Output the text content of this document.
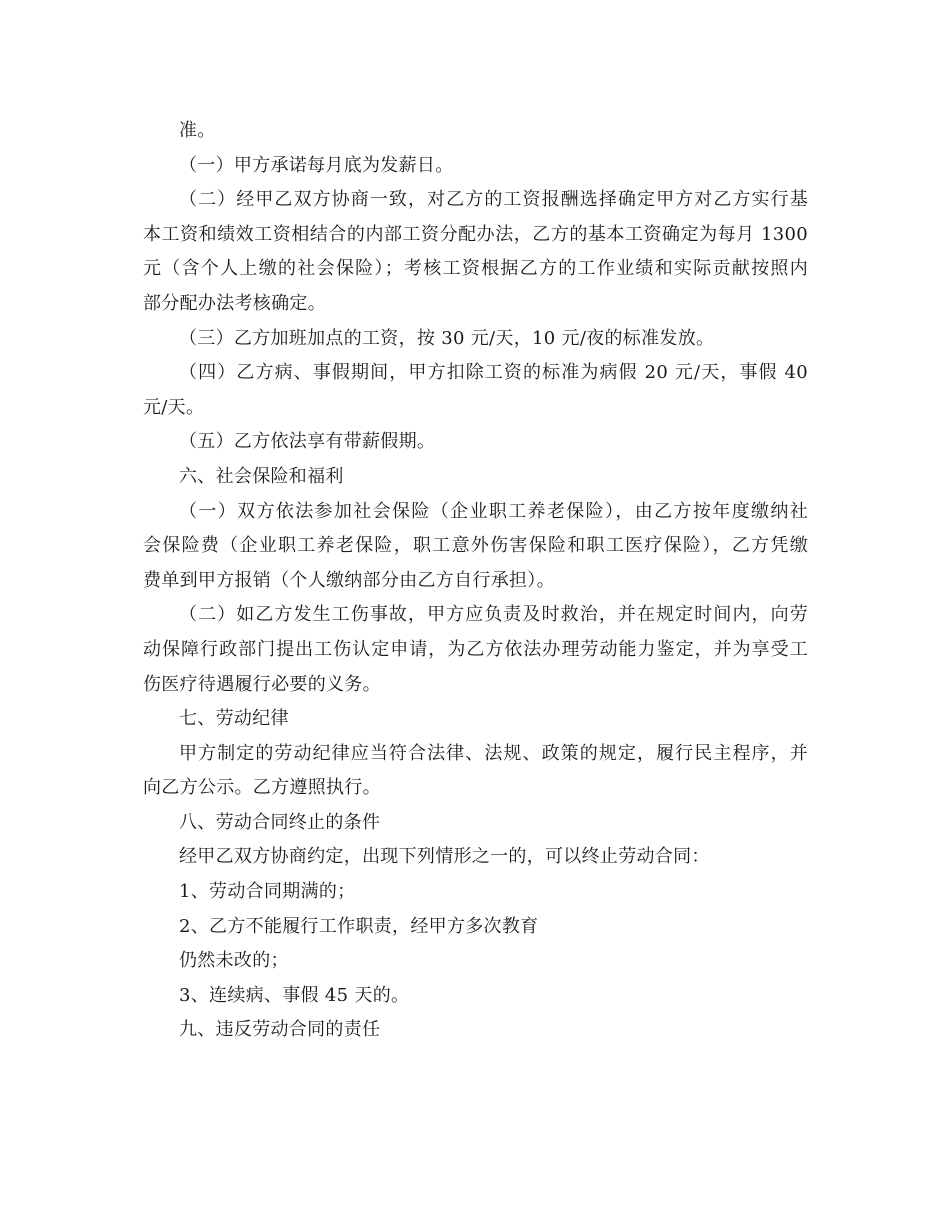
准。
（一）甲方承诺每月底为发薪日。
（二）经甲乙双方协商一致，对乙方的工资报酬选择确定甲方对乙方实行基
本工资和绩效工资相结合的内部工资分配办法，乙方的基本工资确定为每月 1300
元（含个人上缴的社会保险）；考核工资根据乙方的工作业绩和实际贡献按照内
部分配办法考核确定。
（三）乙方加班加点的工资，按 30 元/天，10 元/夜的标准发放。
（四）乙方病、事假期间，甲方扣除工资的标准为病假 20 元/天，事假 40
元/天。
（五）乙方依法享有带薪假期。
六、社会保险和福利
（一）双方依法参加社会保险（企业职工养老保险），由乙方按年度缴纳社
会保险费（企业职工养老保险，职工意外伤害保险和职工医疗保险），乙方凭缴
费单到甲方报销（个人缴纳部分由乙方自行承担）。
（二）如乙方发生工伤事故，甲方应负责及时救治，并在规定时间内，向劳
动保障行政部门提出工伤认定申请，为乙方依法办理劳动能力鉴定，并为享受工
伤医疗待遇履行必要的义务。
七、劳动纪律
甲方制定的劳动纪律应当符合法律、法规、政策的规定，履行民主程序，并
向乙方公示。乙方遵照执行。
八、劳动合同终止的条件
经甲乙双方协商约定，出现下列情形之一的，可以终止劳动合同：
1、劳动合同期满的；
2、乙方不能履行工作职责，经甲方多次教育
仍然未改的；
3、连续病、事假 45 天的。
九、违反劳动合同的责任
